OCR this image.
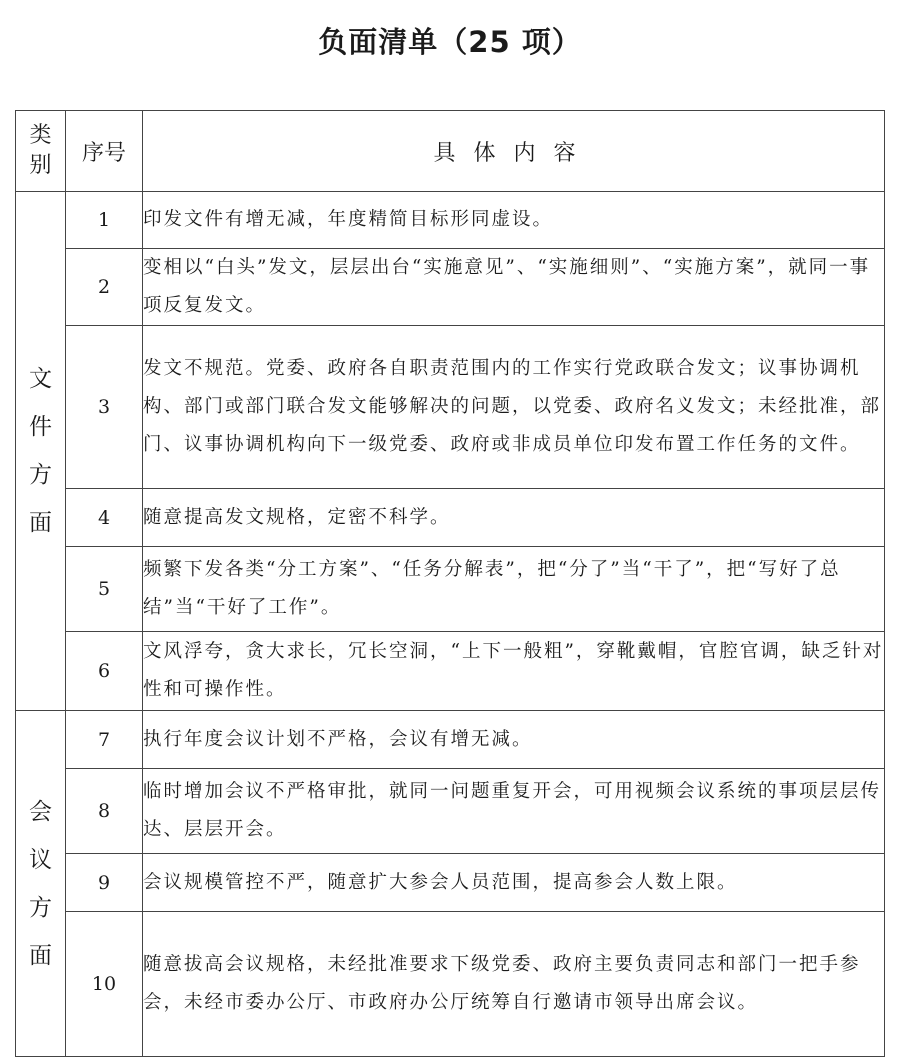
负面清单（25 项）
类
别	序号	具体内容

文
件
方
面	1	印发文件有增无减，年度精简目标形同虚设。
	2	变相以“白头”发文，层层出台“实施意见”、“实施细则”、“实施方案”，就同一事项反复发文。
	3	发文不规范。党委、政府各自职责范围内的工作实行党政联合发文；议事协调机构、部门或部门联合发文能够解决的问题，以党委、政府名义发文；未经批准，部门、议事协调机构向下一级党委、政府或非成员单位印发布置工作任务的文件。
	4	随意提高发文规格，定密不科学。
	5	频繁下发各类“分工方案”、“任务分解表”，把“分了”当“干了”，把“写好了总结”当“干好了工作”。
	6	文风浮夸，贪大求长，冗长空洞，“上下一般粗”，穿靴戴帽，官腔官调，缺乏针对性和可操作性。

会
议
方
面	7	执行年度会议计划不严格，会议有增无减。
	8	临时增加会议不严格审批，就同一问题重复开会，可用视频会议系统的事项层层传达、层层开会。
	9	会议规模管控不严，随意扩大参会人员范围，提高参会人数上限。
	10	随意拔高会议规格，未经批准要求下级党委、政府主要负责同志和部门一把手参会，未经市委办公厅、市政府办公厅统筹自行邀请市领导出席会议。
